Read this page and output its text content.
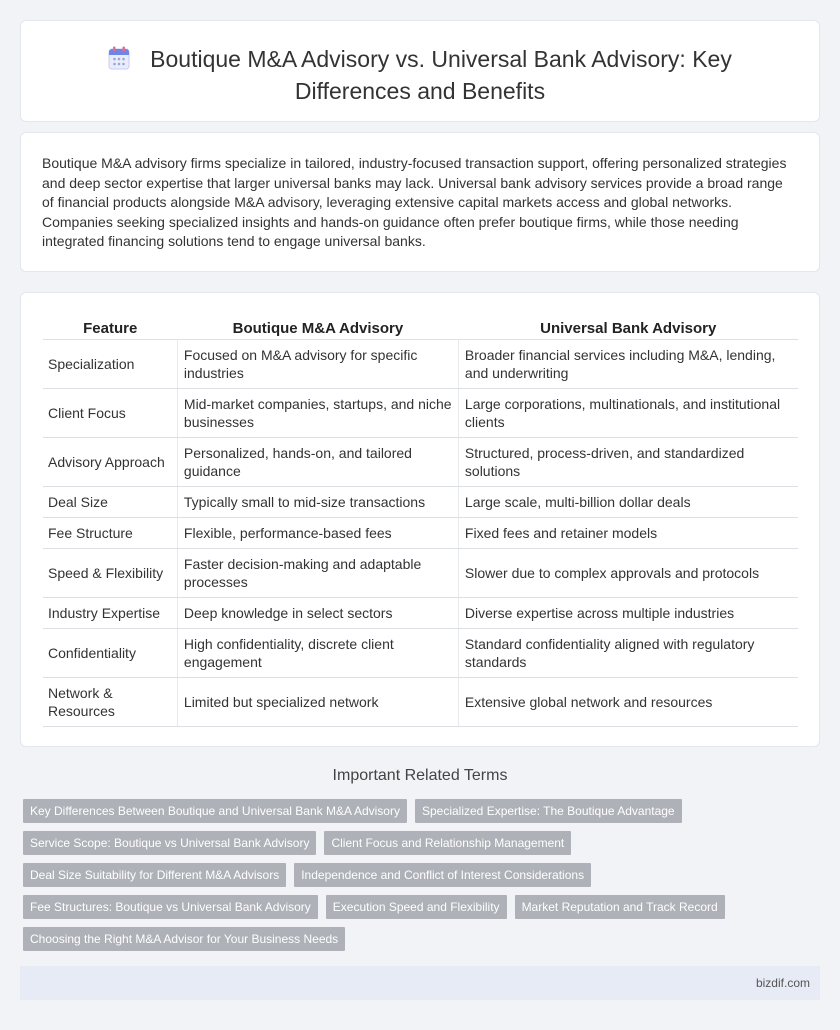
Boutique M&A Advisory vs. Universal Bank Advisory: Key
Differences and Benefits
Boutique M&A advisory firms specialize in tailored, industry-focused transaction support, offering personalized strategies and deep sector expertise that larger universal banks may lack. Universal bank advisory services provide a broad range of financial products alongside M&A advisory, leveraging extensive capital markets access and global networks. Companies seeking specialized insights and hands-on guidance often prefer boutique firms, while those needing integrated financing solutions tend to engage universal banks.
Feature	Boutique M&A Advisory	Universal Bank Advisory
Specialization	Focused on M&A advisory for specific industries	Broader financial services including M&A, lending, and underwriting
Client Focus	Mid-market companies, startups, and niche businesses	Large corporations, multinationals, and institutional clients
Advisory Approach	Personalized, hands-on, and tailored guidance	Structured, process-driven, and standardized solutions
Deal Size	Typically small to mid-size transactions	Large scale, multi-billion dollar deals
Fee Structure	Flexible, performance-based fees	Fixed fees and retainer models
Speed & Flexibility	Faster decision-making and adaptable processes	Slower due to complex approvals and protocols
Industry Expertise	Deep knowledge in select sectors	Diverse expertise across multiple industries
Confidentiality	High confidentiality, discrete client engagement	Standard confidentiality aligned with regulatory standards
Network & Resources	Limited but specialized network	Extensive global network and resources
Important Related Terms
Key Differences Between Boutique and Universal Bank M&A Advisory	Specialized Expertise: The Boutique Advantage
Service Scope: Boutique vs Universal Bank Advisory	Client Focus and Relationship Management
Deal Size Suitability for Different M&A Advisors	Independence and Conflict of Interest Considerations
Fee Structures: Boutique vs Universal Bank Advisory	Execution Speed and Flexibility	Market Reputation and Track Record
Choosing the Right M&A Advisor for Your Business Needs
bizdif.com
